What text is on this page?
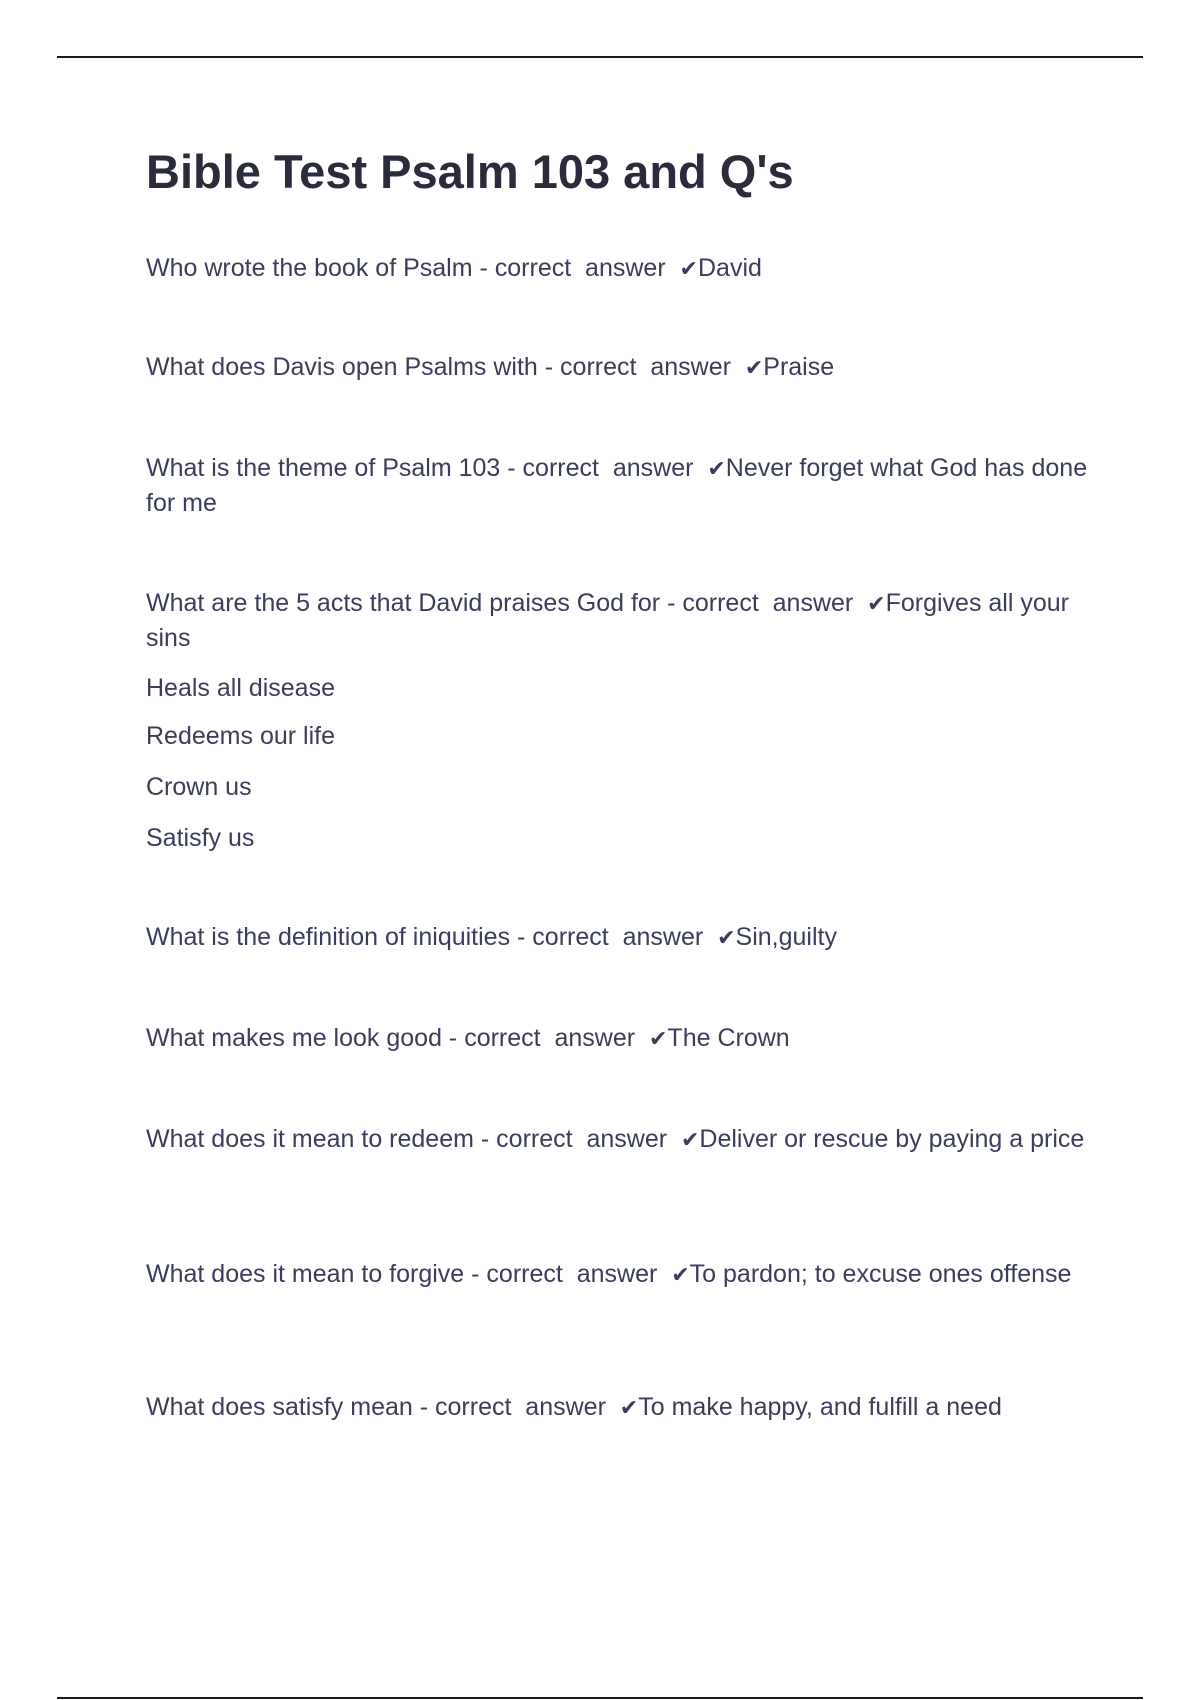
Bible Test Psalm 103 and Q's

Who wrote the book of Psalm - correct  answer  ✔David

What does Davis open Psalms with - correct  answer  ✔Praise

What is the theme of Psalm 103 - correct  answer  ✔Never forget what God has done for me

What are the 5 acts that David praises God for - correct  answer  ✔Forgives all your sins

Heals all disease

Redeems our life

Crown us

Satisfy us

What is the definition of iniquities - correct  answer  ✔Sin,guilty

What makes me look good - correct  answer  ✔The Crown

What does it mean to redeem - correct  answer  ✔Deliver or rescue by paying a price

What does it mean to forgive - correct  answer  ✔To pardon; to excuse ones offense

What does satisfy mean - correct  answer  ✔To make happy, and fulfill a need
